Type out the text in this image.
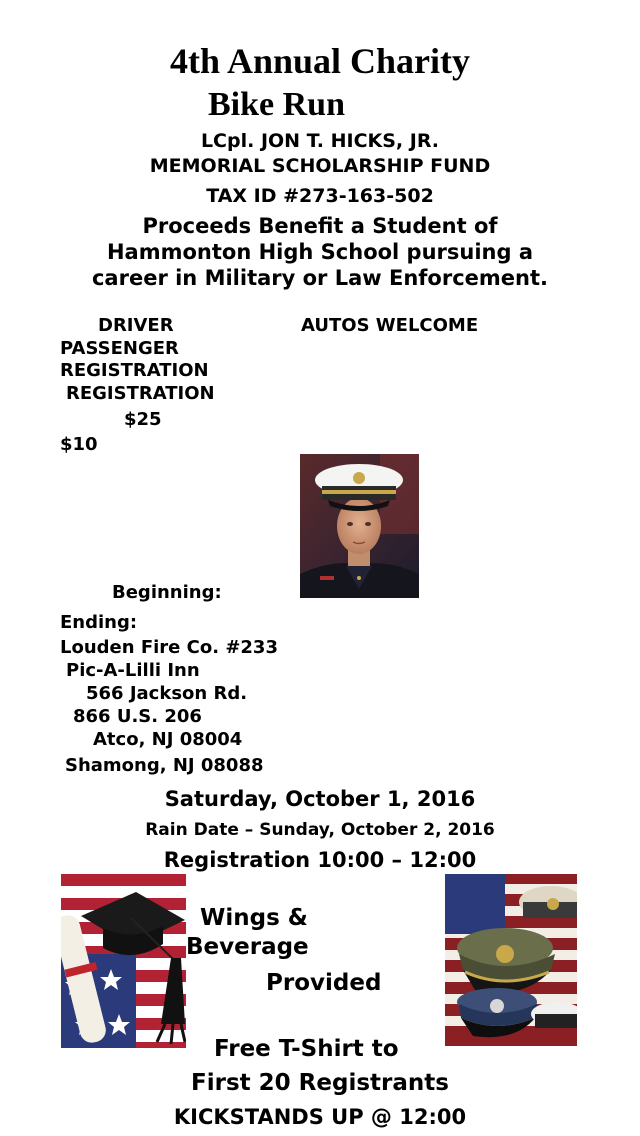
4th Annual Charity
Bike Run
LCpl. JON T. HICKS, JR.
MEMORIAL SCHOLARSHIP FUND
TAX ID #273-163-502
Proceeds Benefit a Student of
Hammonton High School pursuing a
career in Military or Law Enforcement.
DRIVER	AUTOS WELCOME
PASSENGER
REGISTRATION
REGISTRATION
$25
$10
Beginning:
Ending:
Louden Fire Co. #233
Pic-A-Lilli Inn
566 Jackson Rd.
866 U.S. 206
Atco, NJ 08004
Shamong, NJ 08088
Saturday, October 1, 2016
Rain Date – Sunday, October 2, 2016
Registration 10:00 – 12:00
Wings &
Beverage
Provided
Free T-Shirt to
First 20 Registrants
KICKSTANDS UP @ 12:00
